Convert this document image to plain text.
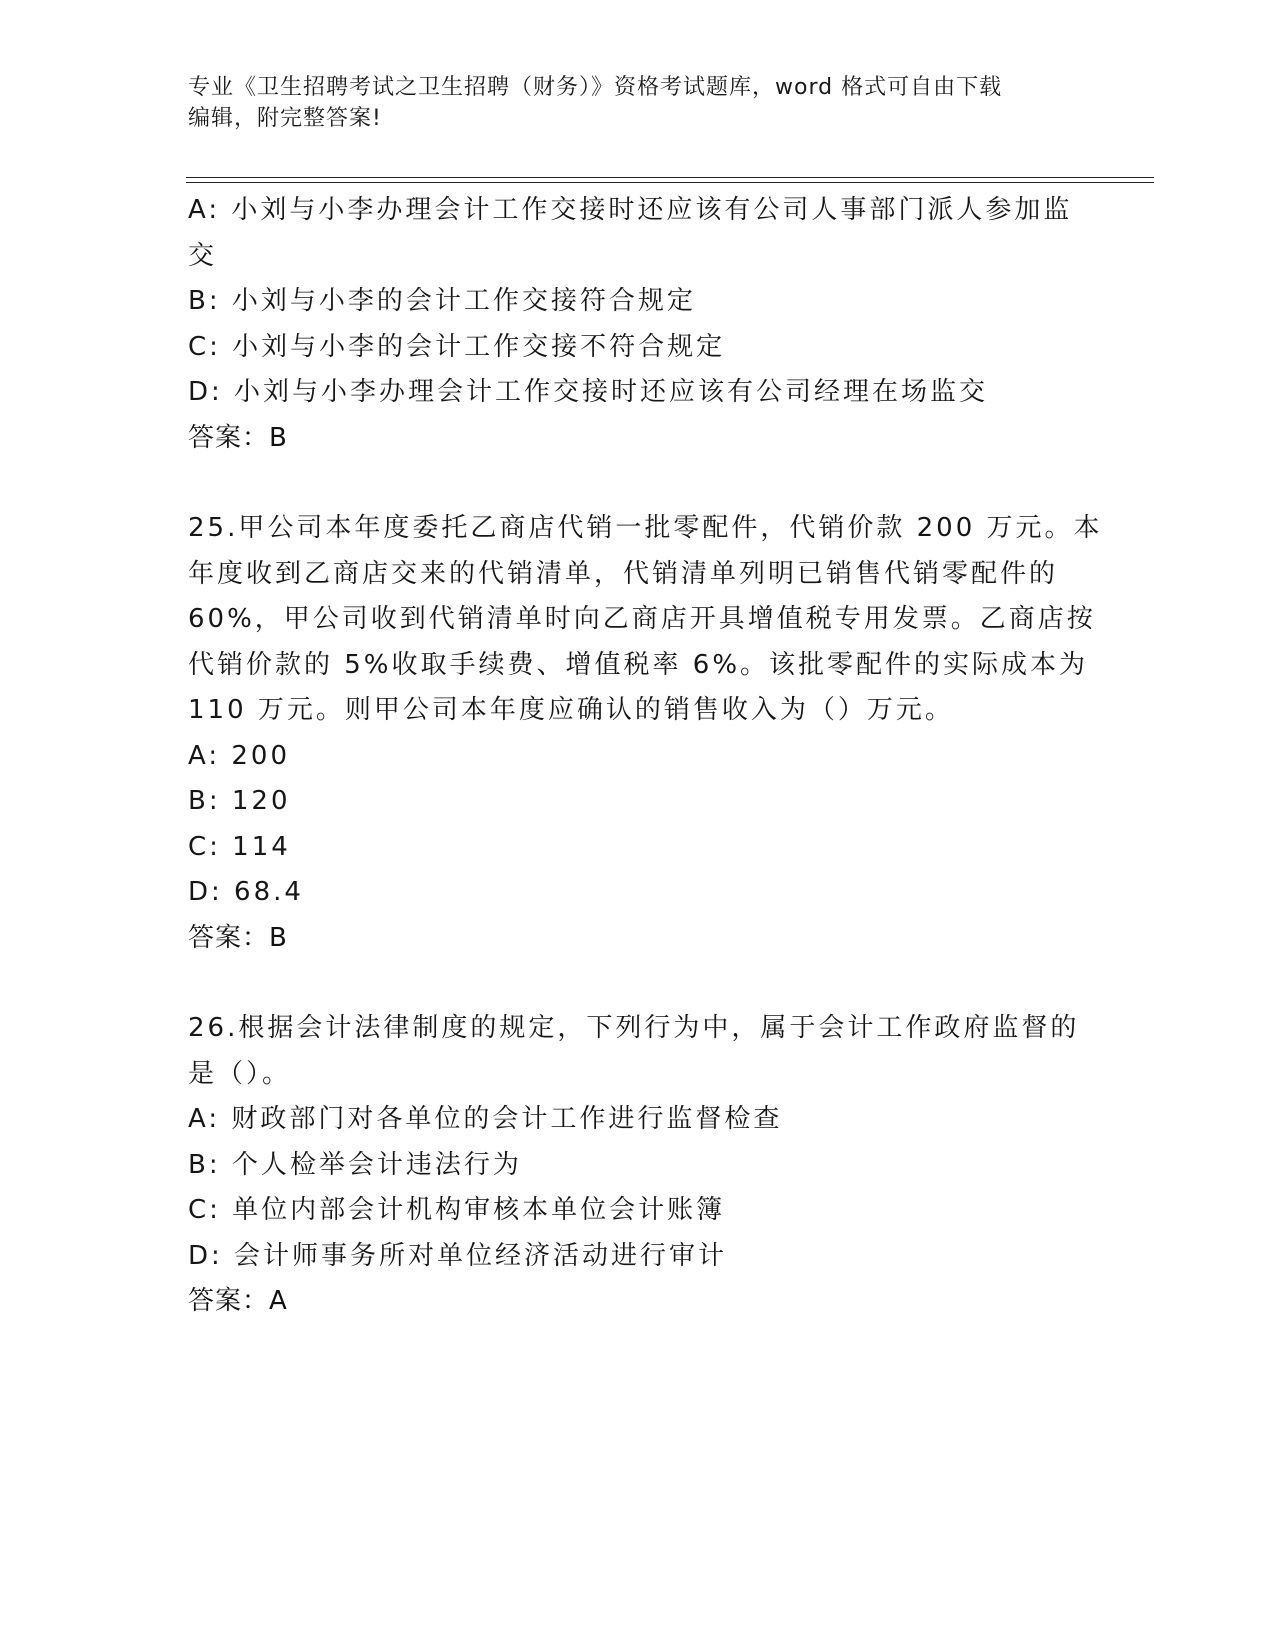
专业《卫生招聘考试之卫生招聘（财务）》资格考试题库，word 格式可自由下载
编辑，附完整答案!
A: 小刘与小李办理会计工作交接时还应该有公司人事部门派人参加监
交
B: 小刘与小李的会计工作交接符合规定
C: 小刘与小李的会计工作交接不符合规定
D: 小刘与小李办理会计工作交接时还应该有公司经理在场监交
答案：B
25.甲公司本年度委托乙商店代销一批零配件，代销价款 200 万元。本
年度收到乙商店交来的代销清单，代销清单列明已销售代销零配件的
60%，甲公司收到代销清单时向乙商店开具增值税专用发票。乙商店按
代销价款的 5%收取手续费、增值税率 6%。该批零配件的实际成本为
110 万元。则甲公司本年度应确认的销售收入为（）万元。
A: 200
B: 120
C: 114
D: 68.4
答案：B
26.根据会计法律制度的规定，下列行为中，属于会计工作政府监督的
是（）。
A: 财政部门对各单位的会计工作进行监督检查
B: 个人检举会计违法行为
C: 单位内部会计机构审核本单位会计账簿
D: 会计师事务所对单位经济活动进行审计
答案：A
